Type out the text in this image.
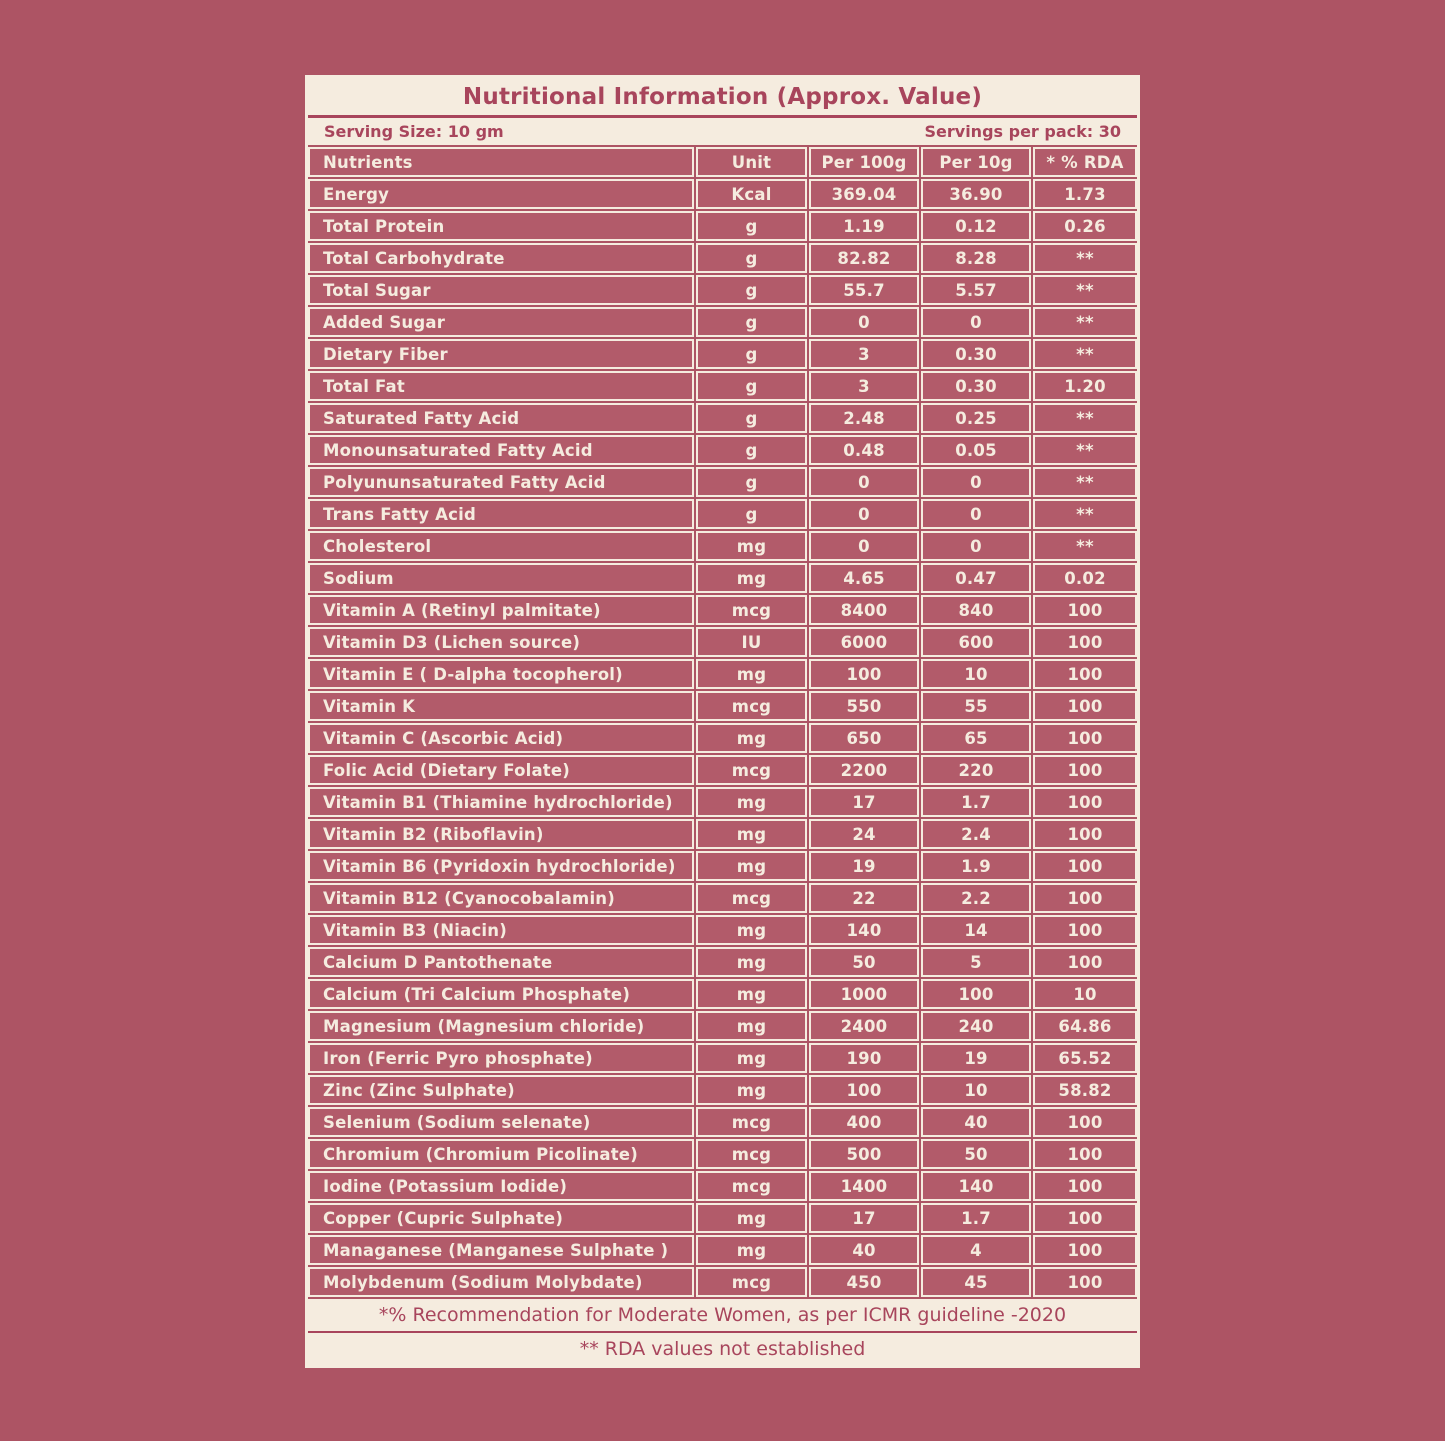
Nutritional Information (Approx. Value)
Serving Size: 10 gm	Servings per pack: 30
Nutrients	Unit	Per 100g	Per 10g	* % RDA
Energy	Kcal	369.04	36.90	1.73
Total Protein	g	1.19	0.12	0.26
Total Carbohydrate	g	82.82	8.28	**
Total Sugar	g	55.7	5.57	**
Added Sugar	g	0	0	**
Dietary Fiber	g	3	0.30	**
Total Fat	g	3	0.30	1.20
Saturated Fatty Acid	g	2.48	0.25	**
Monounsaturated Fatty Acid	g	0.48	0.05	**
Polyununsaturated Fatty Acid	g	0	0	**
Trans Fatty Acid	g	0	0	**
Cholesterol	mg	0	0	**
Sodium	mg	4.65	0.47	0.02
Vitamin A (Retinyl palmitate)	mcg	8400	840	100
Vitamin D3 (Lichen source)	IU	6000	600	100
Vitamin E ( D-alpha tocopherol)	mg	100	10	100
Vitamin K	mcg	550	55	100
Vitamin C (Ascorbic Acid)	mg	650	65	100
Folic Acid (Dietary Folate)	mcg	2200	220	100
Vitamin B1 (Thiamine hydrochloride)	mg	17	1.7	100
Vitamin B2 (Riboflavin)	mg	24	2.4	100
Vitamin B6 (Pyridoxin hydrochloride)	mg	19	1.9	100
Vitamin B12 (Cyanocobalamin)	mcg	22	2.2	100
Vitamin B3 (Niacin)	mg	140	14	100
Calcium D Pantothenate	mg	50	5	100
Calcium (Tri Calcium Phosphate)	mg	1000	100	10
Magnesium (Magnesium chloride)	mg	2400	240	64.86
Iron (Ferric Pyro phosphate)	mg	190	19	65.52
Zinc (Zinc Sulphate)	mg	100	10	58.82
Selenium (Sodium selenate)	mcg	400	40	100
Chromium (Chromium Picolinate)	mcg	500	50	100
Iodine (Potassium Iodide)	mcg	1400	140	100
Copper (Cupric Sulphate)	mg	17	1.7	100
Managanese (Manganese Sulphate )	mg	40	4	100
Molybdenum (Sodium Molybdate)	mcg	450	45	100
*% Recommendation for Moderate Women, as per ICMR guideline -2020
** RDA values not established
